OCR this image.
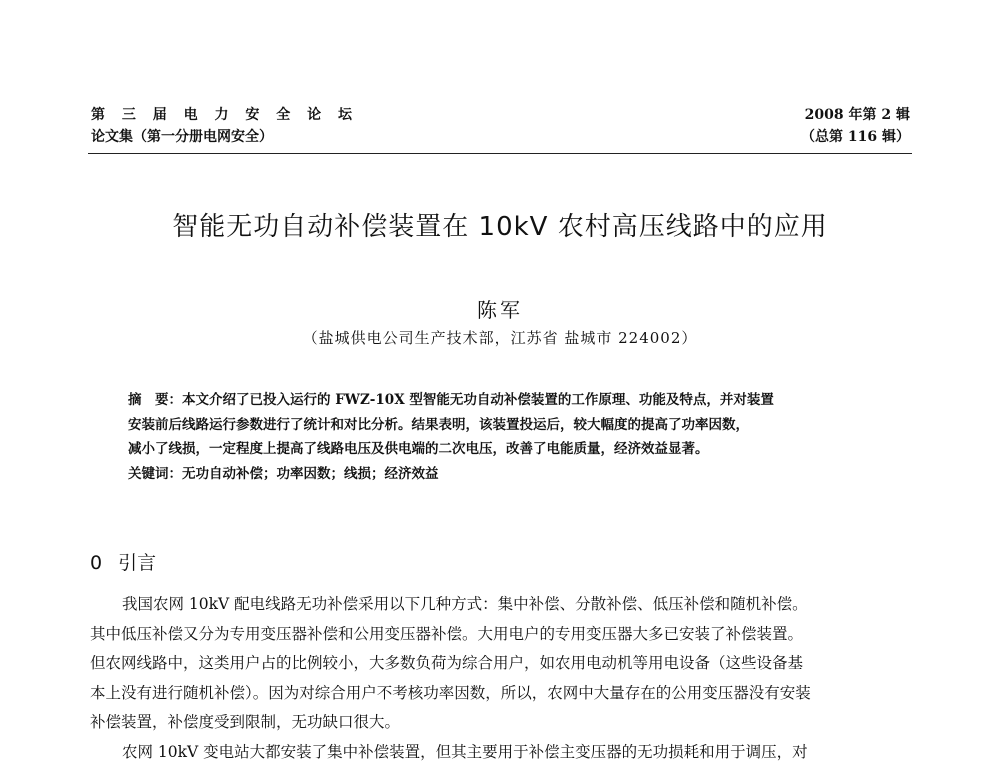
第 三 届 电 力 安 全 论 坛
论文集（第一分册电网安全）
2008 年第 2 辑
（总第 116 辑）
智能无功自动补偿装置在 10kV 农村高压线路中的应用
陈军
（盐城供电公司生产技术部，江苏省 盐城市 224002）
摘　要：本文介绍了已投入运行的 FWZ-10X 型智能无功自动补偿装置的工作原理、功能及特点，并对装置
安装前后线路运行参数进行了统计和对比分析。结果表明，该装置投运后，较大幅度的提高了功率因数，
减小了线损，一定程度上提高了线路电压及供电端的二次电压，改善了电能质量，经济效益显著。
关键词：无功自动补偿；功率因数；线损；经济效益
0 引言
我国农网 10kV 配电线路无功补偿采用以下几种方式：集中补偿、分散补偿、低压补偿和随机补偿。
其中低压补偿又分为专用变压器补偿和公用变压器补偿。大用电户的专用变压器大多已安装了补偿装置。
但农网线路中，这类用户占的比例较小，大多数负荷为综合用户，如农用电动机等用电设备（这些设备基
本上没有进行随机补偿）。因为对综合用户不考核功率因数，所以，农网中大量存在的公用变压器没有安装
补偿装置，补偿度受到限制，无功缺口很大。
农网 10kV 变电站大都安装了集中补偿装置，但其主要用于补偿主变压器的无功损耗和用于调压，对
